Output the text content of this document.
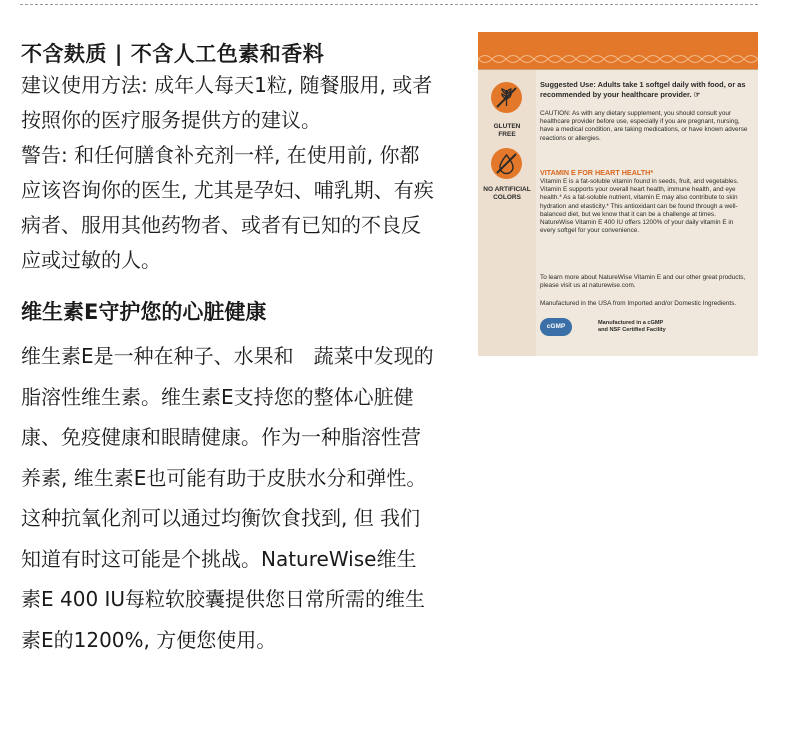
不含麸质 | 不含人工色素和香料

建议使用方法: 成年人每天1粒, 随餐服用, 或者
按照你的医疗服务提供方的建议。
警告: 和任何膳食补充剂一样, 在使用前, 你都
应该咨询你的医生, 尤其是孕妇、哺乳期、有疾
病者、服用其他药物者、或者有已知的不良反
应或过敏的人。

维生素E守护您的心脏健康

维生素E是一种在种子、水果和　蔬菜中发现的
脂溶性维生素。维生素E支持您的整体心脏健
康、免疫健康和眼睛健康。作为一种脂溶性营
养素, 维生素E也可能有助于皮肤水分和弹性。
这种抗氧化剂可以通过均衡饮食找到, 但 我们
知道有时这可能是个挑战。NatureWise维生
素E 400 IU每粒软胶囊提供您日常所需的维生
素E的1200%, 方便您使用。

GLUTEN
FREE
NO ARTIFICIAL
COLORS

Suggested Use: Adults take 1 softgel daily with food, or as recommended by your healthcare provider. ☞

CAUTION: As with any dietary supplement, you should consult your healthcare provider before use, especially if you are pregnant, nursing, have a medical condition, are taking medications, or have known adverse reactions or allergies.

VITAMIN E FOR HEART HEALTH*

Vitamin E is a fat-soluble vitamin found in seeds, fruit, and vegetables. Vitamin E supports your overall heart health, immune health, and eye health.* As a fat-soluble nutrient, vitamin E may also contribute to skin hydration and elasticity.* This antioxidant can be found through a well-balanced diet, but we know that it can be a challenge at times. NatureWise Vitamin E 400 IU offers 1200% of your daily vitamin E in every softgel for your convenience.

To learn more about NatureWise Vitamin E and our other great products, please visit us at naturewise.com.

Manufactured in the USA from Imported and/or Domestic Ingredients.

cGMP	Manufactured in a cGMP
and NSF Certified Facility
